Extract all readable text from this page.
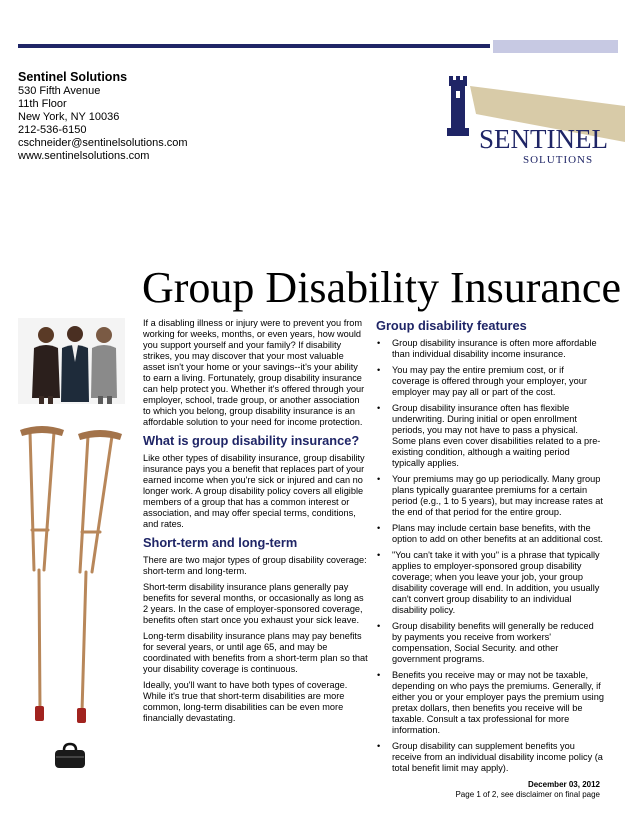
Sentinel Solutions
530 Fifth Avenue
11th Floor
New York, NY 10036
212-536-6150
cschneider@sentinelsolutions.com
www.sentinelsolutions.com
SENTINEL
SOLUTIONS
Group Disability Insurance

If a disabling illness or injury were to prevent you from working for weeks, months, or even years, how would you support yourself and your family? If disability strikes, you may discover that your most valuable asset isn't your home or your savings--it's your ability to earn a living. Fortunately, group disability insurance can help protect you. Whether it's offered through your employer, school, trade group, or another association to which you belong, group disability insurance is an affordable solution to your need for income protection.

What is group disability insurance?

Like other types of disability insurance, group disability insurance pays you a benefit that replaces part of your earned income when you're sick or injured and can no longer work. A group disability policy covers all eligible members of a group that has a common interest or association, and may offer special terms, conditions, and rates.

Short-term and long-term

There are two major types of group disability coverage: short-term and long-term.

Short-term disability insurance plans generally pay benefits for several months, or occasionally as long as 2 years. In the case of employer-sponsored coverage, benefits often start once you exhaust your sick leave.

Long-term disability insurance plans may pay benefits for several years, or until age 65, and may be coordinated with benefits from a short-term plan so that your disability coverage is continuous.

Ideally, you'll want to have both types of coverage. While it's true that short-term disabilities are more common, long-term disabilities can be even more financially devastating.

Group disability features
• Group disability insurance is often more affordable than individual disability income insurance.
• You may pay the entire premium cost, or if coverage is offered through your employer, your employer may pay all or part of the cost.
• Group disability insurance often has flexible underwriting. During initial or open enrollment periods, you may not have to pass a physical. Some plans even cover disabilities related to a pre-existing condition, although a waiting period typically applies.
• Your premiums may go up periodically. Many group plans typically guarantee premiums for a certain period (e.g., 1 to 5 years), but may increase rates at the end of that period for the entire group.
• Plans may include certain base benefits, with the option to add on other benefits at an additional cost.
• "You can't take it with you" is a phrase that typically applies to employer-sponsored group disability coverage; when you leave your job, your group disability coverage will end. In addition, you usually can't convert group disability to an individual disability policy.
• Group disability benefits will generally be reduced by payments you receive from workers' compensation, Social Security. and other government programs.
• Benefits you receive may or may not be taxable, depending on who pays the premiums. Generally, if either you or your employer pays the premium using pretax dollars, then benefits you receive will be taxable. Consult a tax professional for more information.
• Group disability can supplement benefits you receive from an individual disability income policy (a total benefit limit may apply).
December 03, 2012
Page 1 of 2, see disclaimer on final page
